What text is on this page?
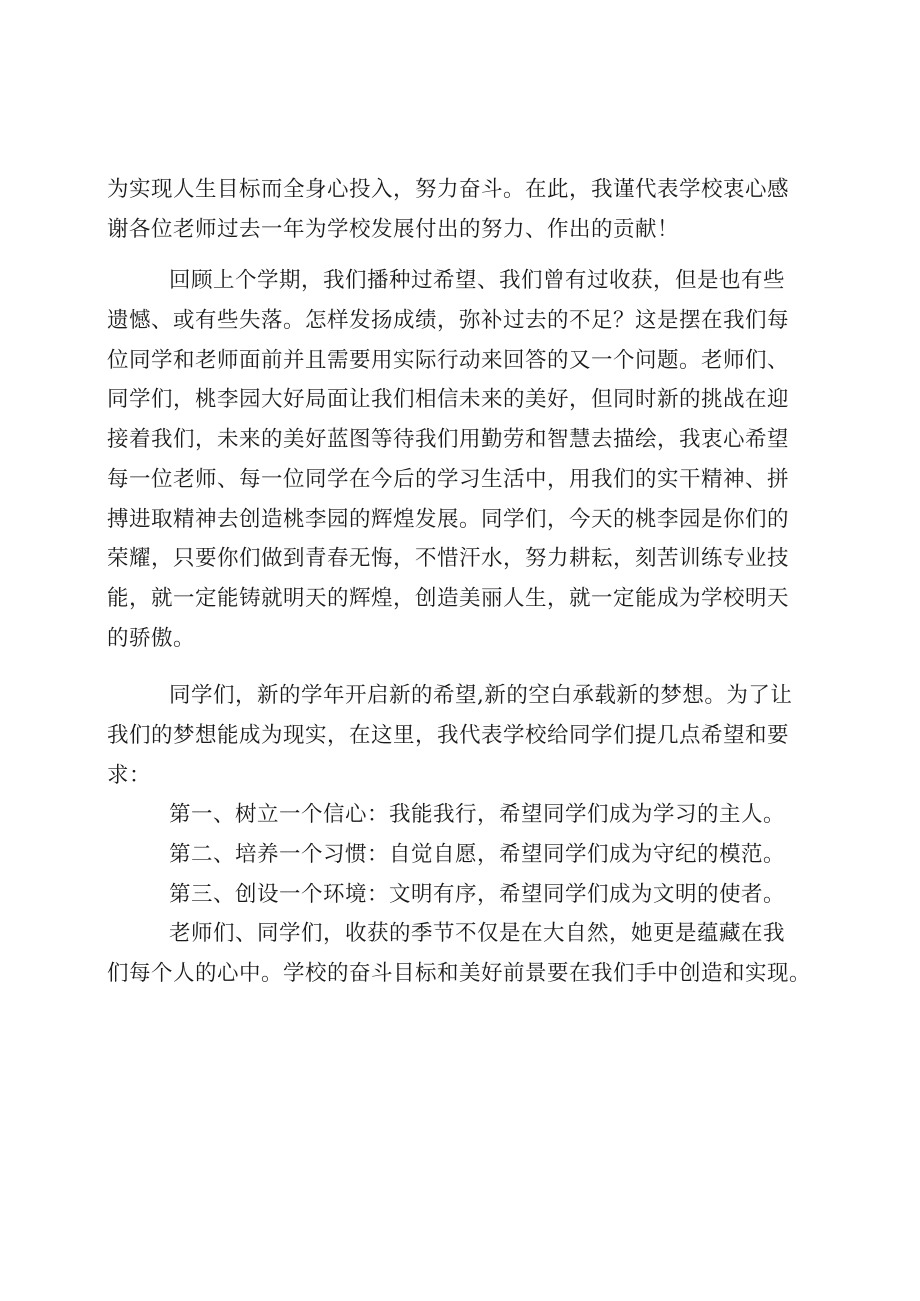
为实现人生目标而全身心投入，努力奋斗。在此，我谨代表学校衷心感
谢各位老师过去一年为学校发展付出的努力、作出的贡献！
回顾上个学期，我们播种过希望、我们曾有过收获，但是也有些
遗憾、或有些失落。怎样发扬成绩，弥补过去的不足？这是摆在我们每
位同学和老师面前并且需要用实际行动来回答的又一个问题。老师们、
同学们，桃李园大好局面让我们相信未来的美好，但同时新的挑战在迎
接着我们，未来的美好蓝图等待我们用勤劳和智慧去描绘，我衷心希望
每一位老师、每一位同学在今后的学习生活中，用我们的实干精神、拼
搏进取精神去创造桃李园的辉煌发展。同学们，今天的桃李园是你们的
荣耀，只要你们做到青春无悔，不惜汗水，努力耕耘，刻苦训练专业技
能，就一定能铸就明天的辉煌，创造美丽人生，就一定能成为学校明天
的骄傲。
同学们，新的学年开启新的希望,新的空白承载新的梦想。为了让
我们的梦想能成为现实，在这里，我代表学校给同学们提几点希望和要
求：
第一、树立一个信心：我能我行，希望同学们成为学习的主人。
第二、培养一个习惯：自觉自愿，希望同学们成为守纪的模范。
第三、创设一个环境：文明有序，希望同学们成为文明的使者。
老师们、同学们，收获的季节不仅是在大自然，她更是蕴藏在我
们每个人的心中。学校的奋斗目标和美好前景要在我们手中创造和实现。
